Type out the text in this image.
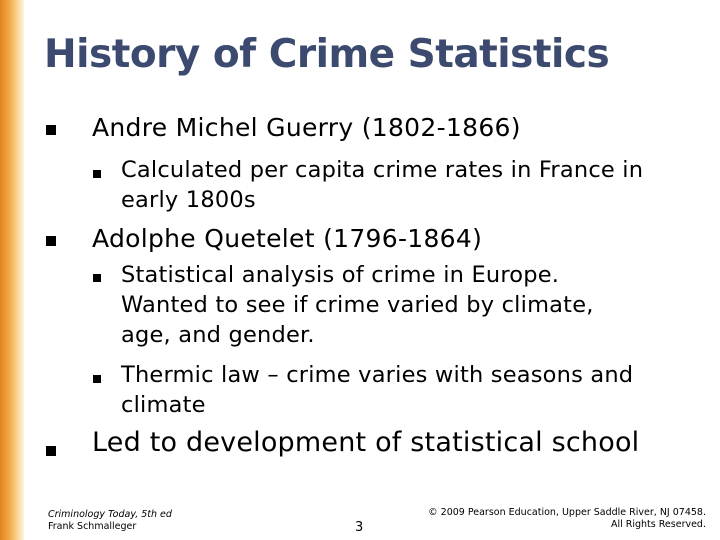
History of Crime Statistics
Andre Michel Guerry (1802-1866)
Calculated per capita crime rates in France in
early 1800s
Adolphe Quetelet (1796-1864)
Statistical analysis of crime in Europe.
Wanted to see if crime varied by climate,
age, and gender.
Thermic law – crime varies with seasons and
climate
Led to development of statistical school
Criminology Today, 5th ed
Frank Schmalleger	3
© 2009 Pearson Education, Upper Saddle River, NJ 07458.
All Rights Reserved.
